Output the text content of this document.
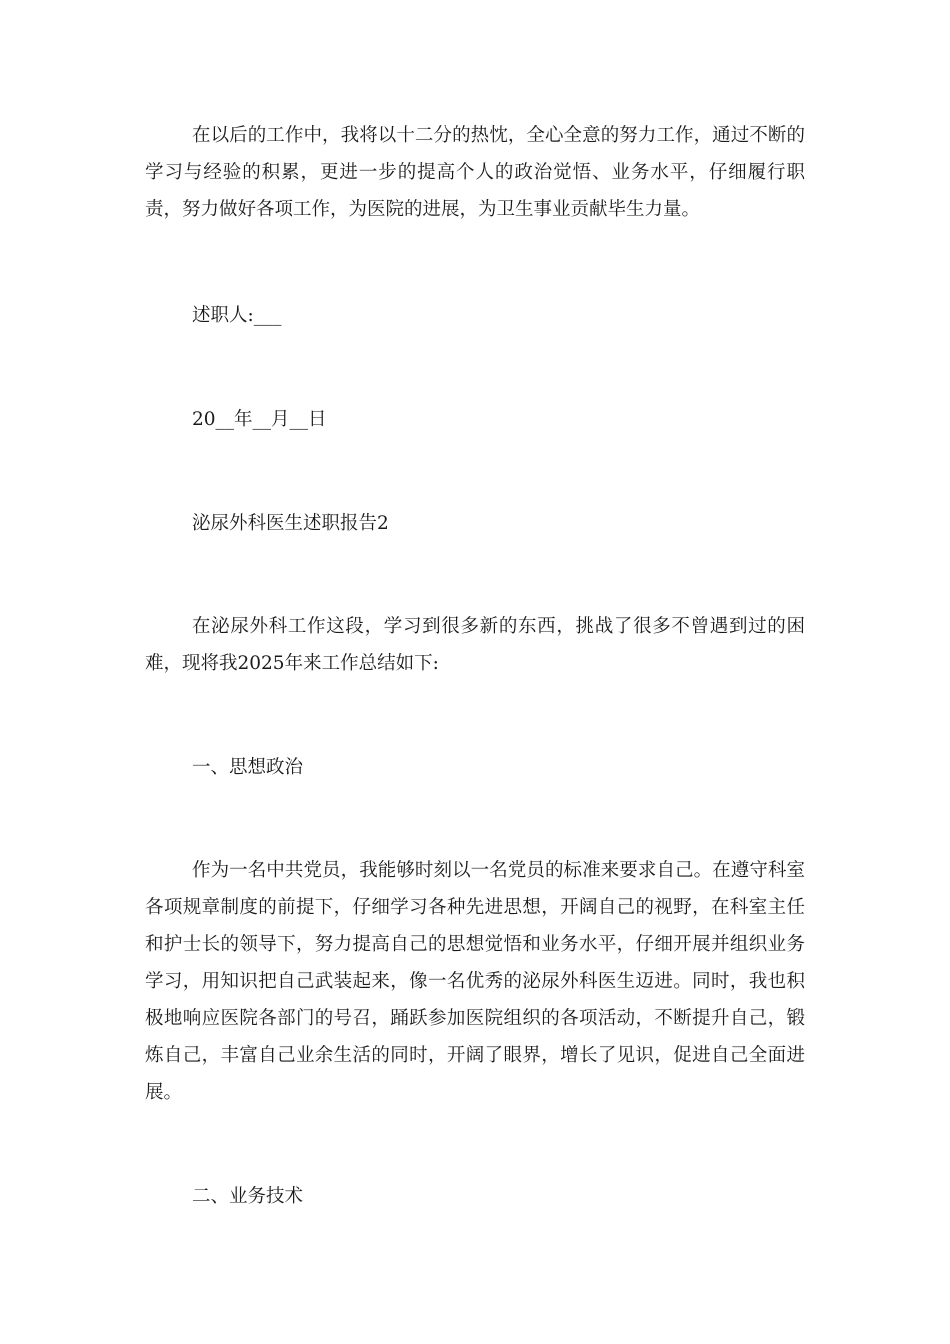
在以后的工作中，我将以十二分的热忱，全心全意的努力工作，通过不断的学习与经验的积累，更进一步的提高个人的政治觉悟、业务水平，仔细履行职责，努力做好各项工作，为医院的进展，为卫生事业贡献毕生力量。

述职人:___

20__年__月__日

泌尿外科医生述职报告2

在泌尿外科工作这段，学习到很多新的东西，挑战了很多不曾遇到过的困难，现将我2025年来工作总结如下:

一、思想政治

作为一名中共党员，我能够时刻以一名党员的标准来要求自己。在遵守科室各项规章制度的前提下，仔细学习各种先进思想，开阔自己的视野，在科室主任和护士长的领导下，努力提高自己的思想觉悟和业务水平，仔细开展并组织业务学习，用知识把自己武装起来，像一名优秀的泌尿外科医生迈进。同时，我也积极地响应医院各部门的号召，踊跃参加医院组织的各项活动，不断提升自己，锻炼自己，丰富自己业余生活的同时，开阔了眼界，增长了见识，促进自己全面进展。

二、业务技术
